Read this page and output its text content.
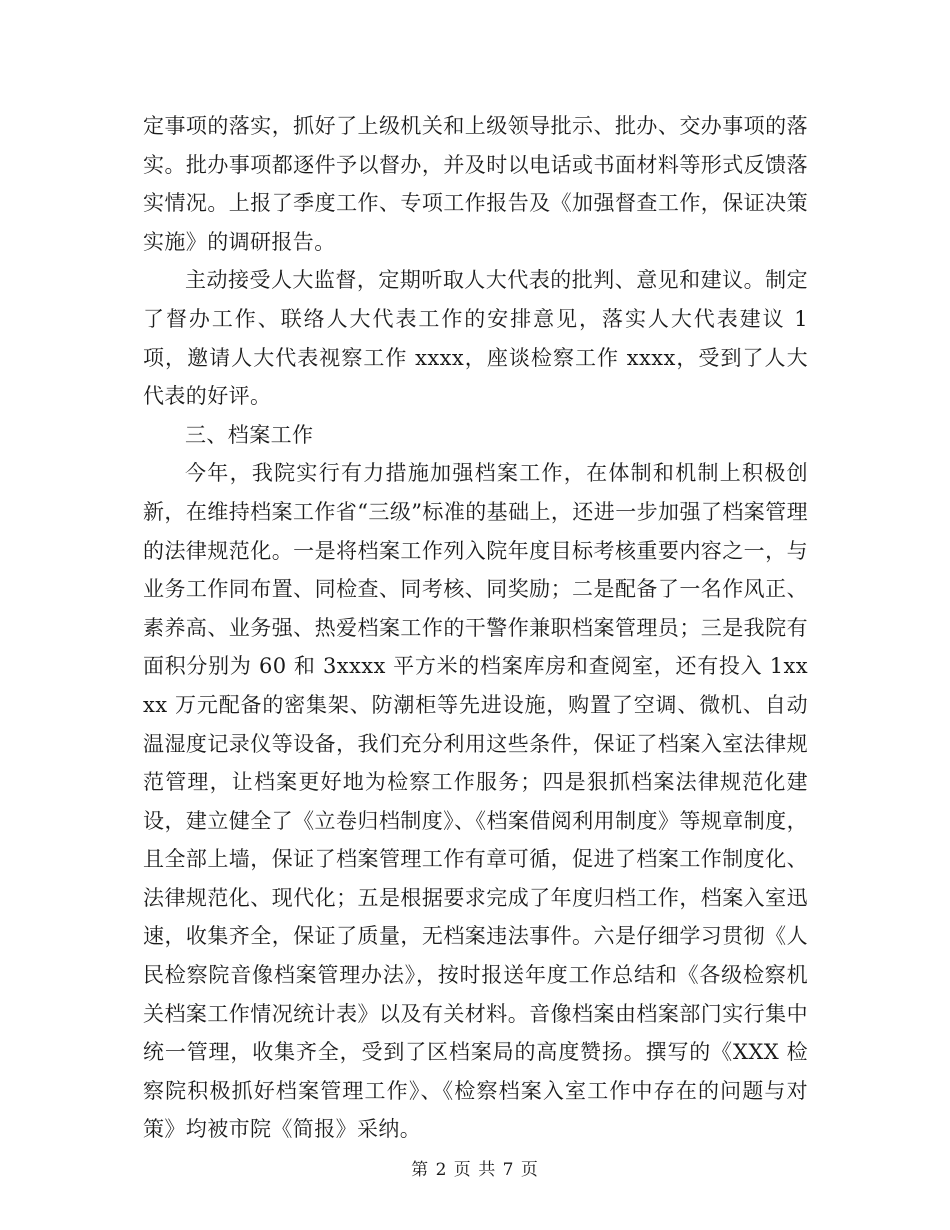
定事项的落实，抓好了上级机关和上级领导批示、批办、交办事项的落实。批办事项都逐件予以督办，并及时以电话或书面材料等形式反馈落实情况。上报了季度工作、专项工作报告及《加强督查工作，保证决策实施》的调研报告。

主动接受人大监督，定期听取人大代表的批判、意见和建议。制定了督办工作、联络人大代表工作的安排意见，落实人大代表建议 1 项，邀请人大代表视察工作 xxxx，座谈检察工作 xxxx，受到了人大代表的好评。

三、档案工作

今年，我院实行有力措施加强档案工作，在体制和机制上积极创新，在维持档案工作省“三级”标准的基础上，还进一步加强了档案管理的法律规范化。一是将档案工作列入院年度目标考核重要内容之一，与业务工作同布置、同检查、同考核、同奖励；二是配备了一名作风正、素养高、业务强、热爱档案工作的干警作兼职档案管理员；三是我院有面积分别为 60 和 3xxxx 平方米的档案库房和查阅室，还有投入 1xxxx 万元配备的密集架、防潮柜等先进设施，购置了空调、微机、自动温湿度记录仪等设备，我们充分利用这些条件，保证了档案入室法律规范管理，让档案更好地为检察工作服务；四是狠抓档案法律规范化建设，建立健全了《立卷归档制度》、《档案借阅利用制度》等规章制度，且全部上墙，保证了档案管理工作有章可循，促进了档案工作制度化、法律规范化、现代化；五是根据要求完成了年度归档工作，档案入室迅速，收集齐全，保证了质量，无档案违法事件。六是仔细学习贯彻《人民检察院音像档案管理办法》，按时报送年度工作总结和《各级检察机关档案工作情况统计表》以及有关材料。音像档案由档案部门实行集中统一管理，收集齐全，受到了区档案局的高度赞扬。撰写的《XXX 检察院积极抓好档案管理工作》、《检察档案入室工作中存在的问题与对策》均被市院《简报》采纳。

第 2 页 共 7 页
